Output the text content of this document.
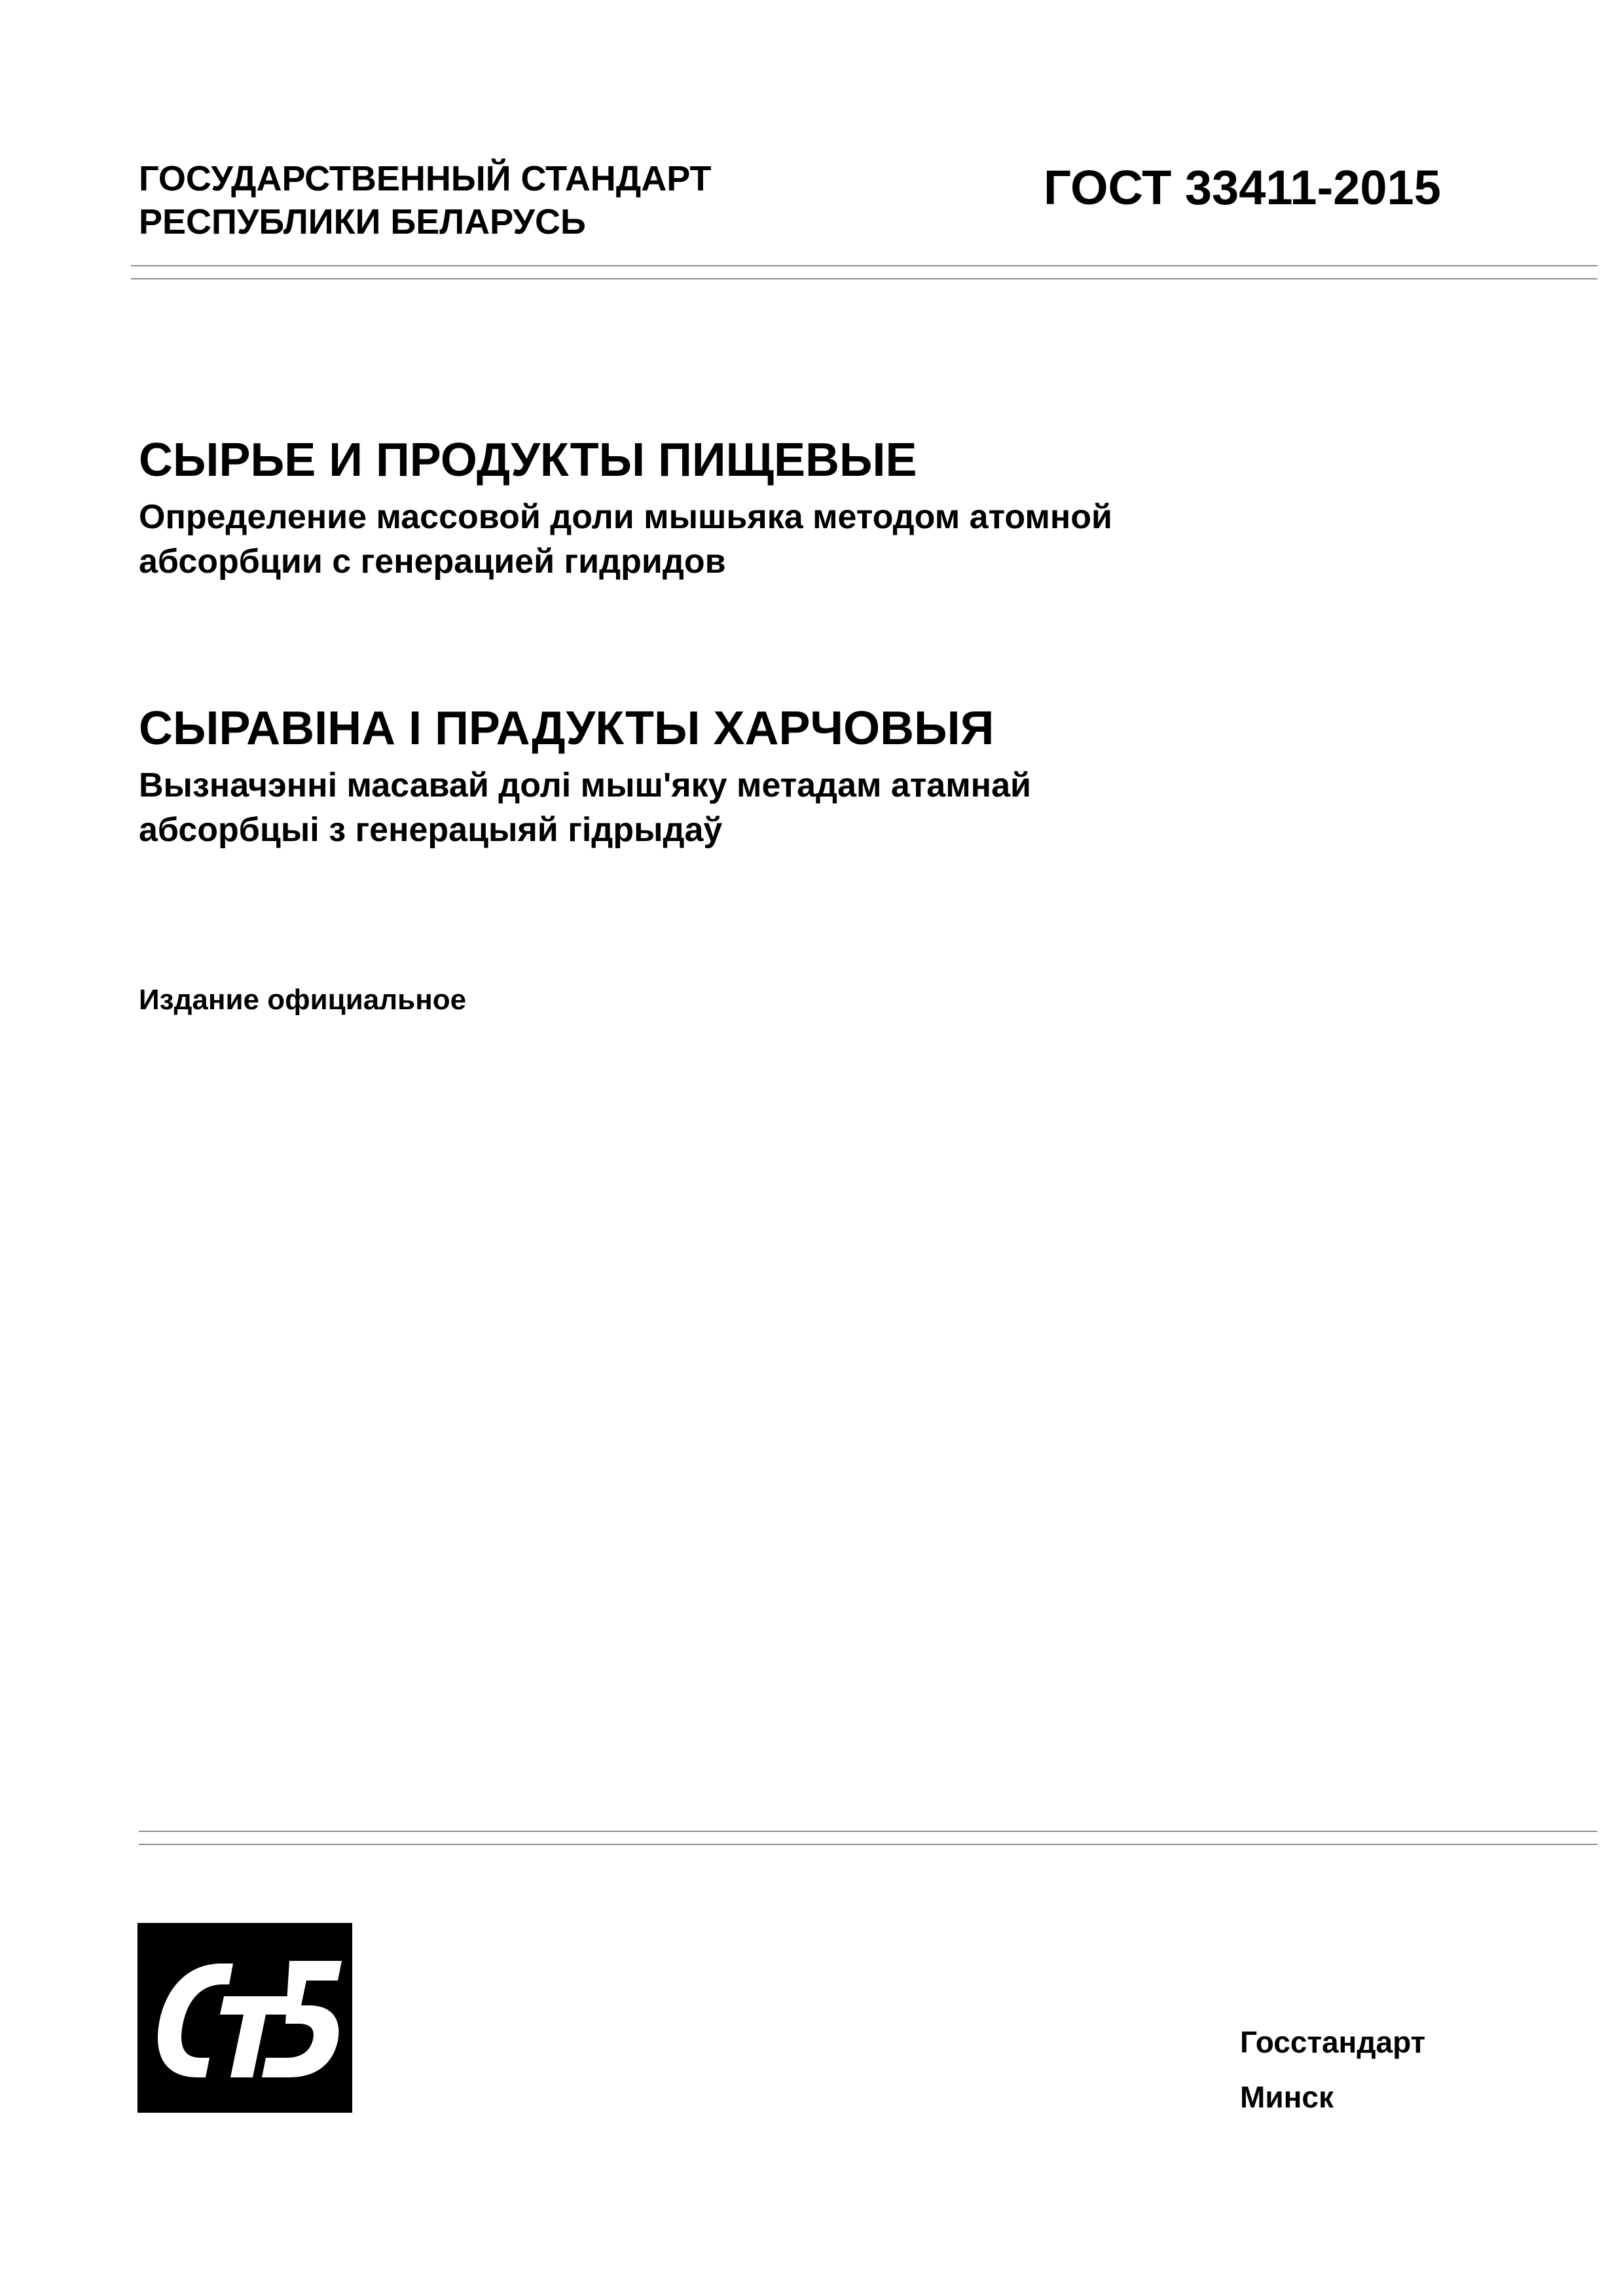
ГОСУДАРСТВЕННЫЙ СТАНДАРТ
РЕСПУБЛИКИ БЕЛАРУСЬ
ГОСТ 33411-2015
СЫРЬЕ И ПРОДУКТЫ ПИЩЕВЫЕ
Определение массовой доли мышьяка методом атомной
абсорбции с генерацией гидридов
СЫРАВІНА І ПРАДУКТЫ ХАРЧОВЫЯ
Вызначэнні масавай долі мыш'яку метадам атамнай
абсорбцыі з генерацыяй гідрыдаў
Издание официальное
Госстандарт
Минск
